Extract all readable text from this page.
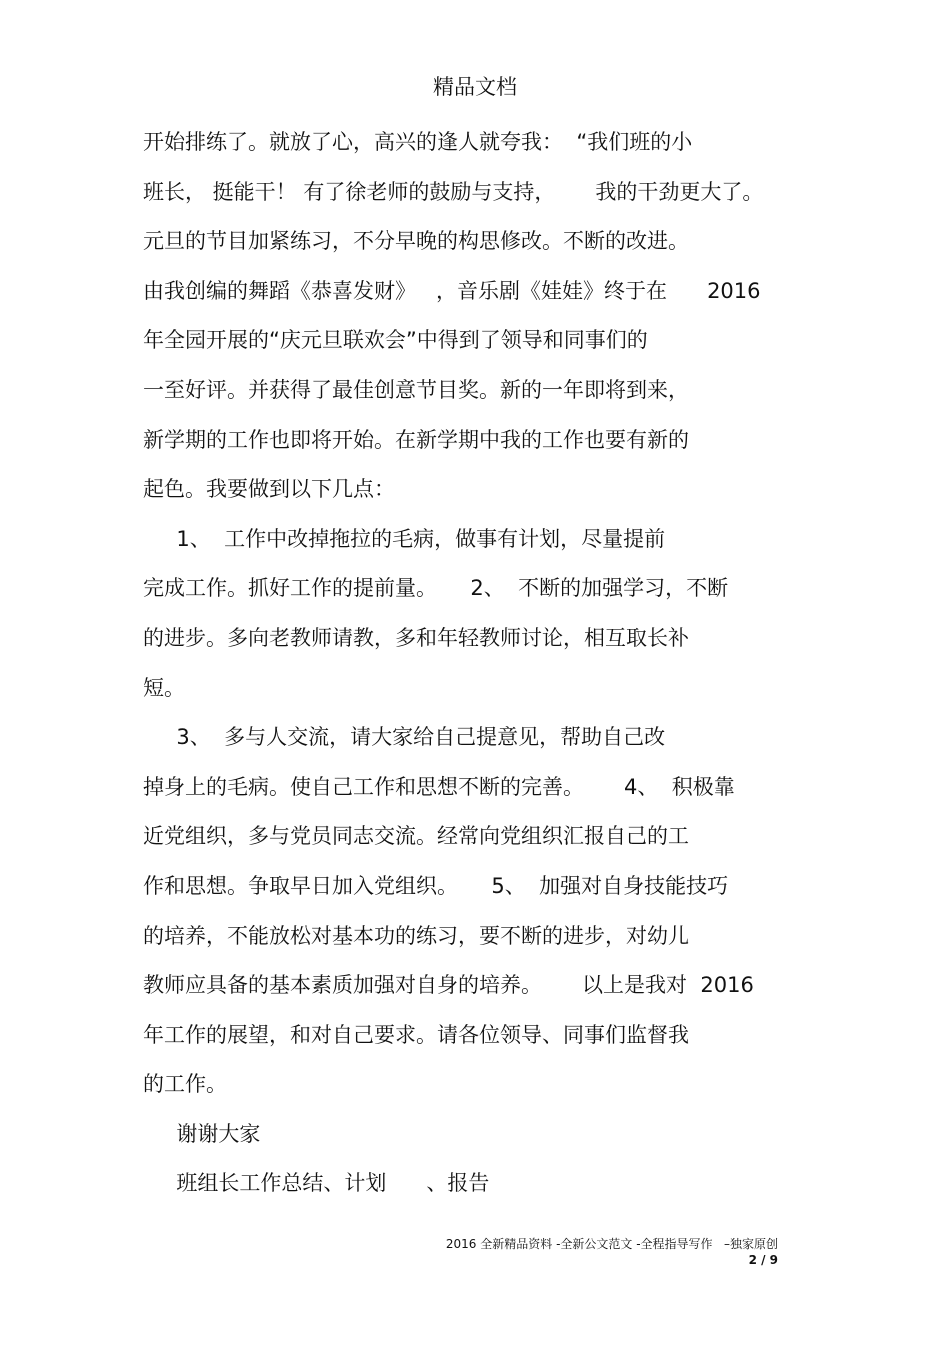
精品文档
开始排练了。就放了心，高兴的逢人就夸我：  “我们班的小
班长， 挺能干！ 有了徐老师的鼓励与支持，      我的干劲更大了。
元旦的节目加紧练习，不分早晚的构思修改。不断的改进。
由我创编的舞蹈《恭喜发财》   ，音乐剧《娃娃》终于在      2016
年全园开展的“庆元旦联欢会”中得到了领导和同事们的
一至好评。并获得了最佳创意节目奖。新的一年即将到来，
新学期的工作也即将开始。在新学期中我的工作也要有新的
起色。我要做到以下几点：
1、  工作中改掉拖拉的毛病，做事有计划，尽量提前
完成工作。抓好工作的提前量。     2、  不断的加强学习，不断
的进步。多向老教师请教，多和年轻教师讨论，相互取长补
短。
3、  多与人交流，请大家给自己提意见，帮助自己改
掉身上的毛病。使自己工作和思想不断的完善。      4、  积极靠
近党组织，多与党员同志交流。经常向党组织汇报自己的工
作和思想。争取早日加入党组织。     5、  加强对自身技能技巧
的培养，不能放松对基本功的练习，要不断的进步，对幼儿
教师应具备的基本素质加强对自身的培养。      以上是我对  2016
年工作的展望，和对自己要求。请各位领导、同事们监督我
的工作。
谢谢大家
班组长工作总结、计划      、报告
2016 全新精品资料 -全新公文范文 -全程指导写作   –独家原创
2 / 9
